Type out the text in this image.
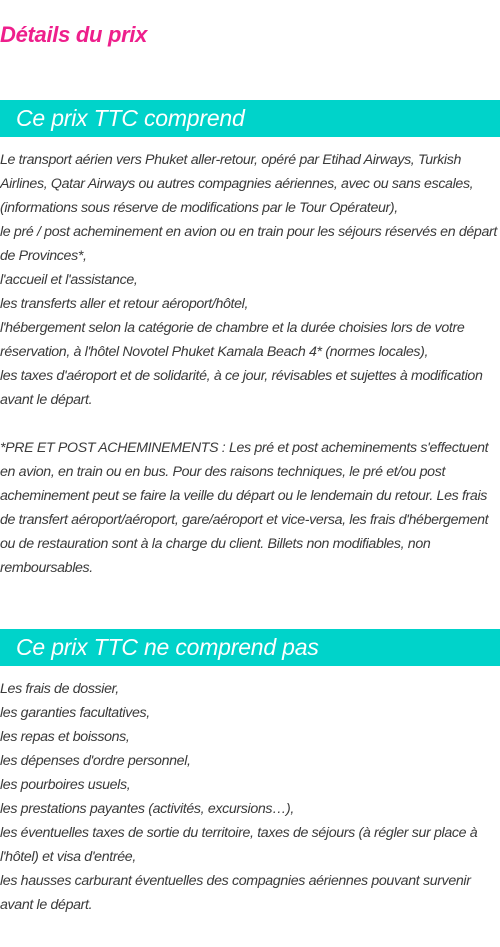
Détails du prix
Ce prix TTC comprend
Le transport aérien vers Phuket aller-retour, opéré par Etihad Airways, Turkish Airlines, Qatar Airways ou autres compagnies aériennes, avec ou sans escales, (informations sous réserve de modifications par le Tour Opérateur),
le pré / post acheminement en avion ou en train pour les séjours réservés en départ de Provinces*,
l'accueil et l'assistance,
les transferts aller et retour aéroport/hôtel,
l'hébergement selon la catégorie de chambre et la durée choisies lors de votre réservation, à l'hôtel Novotel Phuket Kamala Beach 4* (normes locales),
les taxes d'aéroport et de solidarité, à ce jour, révisables et sujettes à modification avant le départ.
*PRE ET POST ACHEMINEMENTS : Les pré et post acheminements s'effectuent en avion, en train ou en bus. Pour des raisons techniques, le pré et/ou post acheminement peut se faire la veille du départ ou le lendemain du retour. Les frais de transfert aéroport/aéroport, gare/aéroport et vice-versa, les frais d'hébergement ou de restauration sont à la charge du client. Billets non modifiables, non remboursables.
Ce prix TTC ne comprend pas
Les frais de dossier,
les garanties facultatives,
les repas et boissons,
les dépenses d'ordre personnel,
les pourboires usuels,
les prestations payantes (activités, excursions…),
les éventuelles taxes de sortie du territoire, taxes de séjours (à régler sur place à l'hôtel) et visa d'entrée,
les hausses carburant éventuelles des compagnies aériennes pouvant survenir avant le départ.
